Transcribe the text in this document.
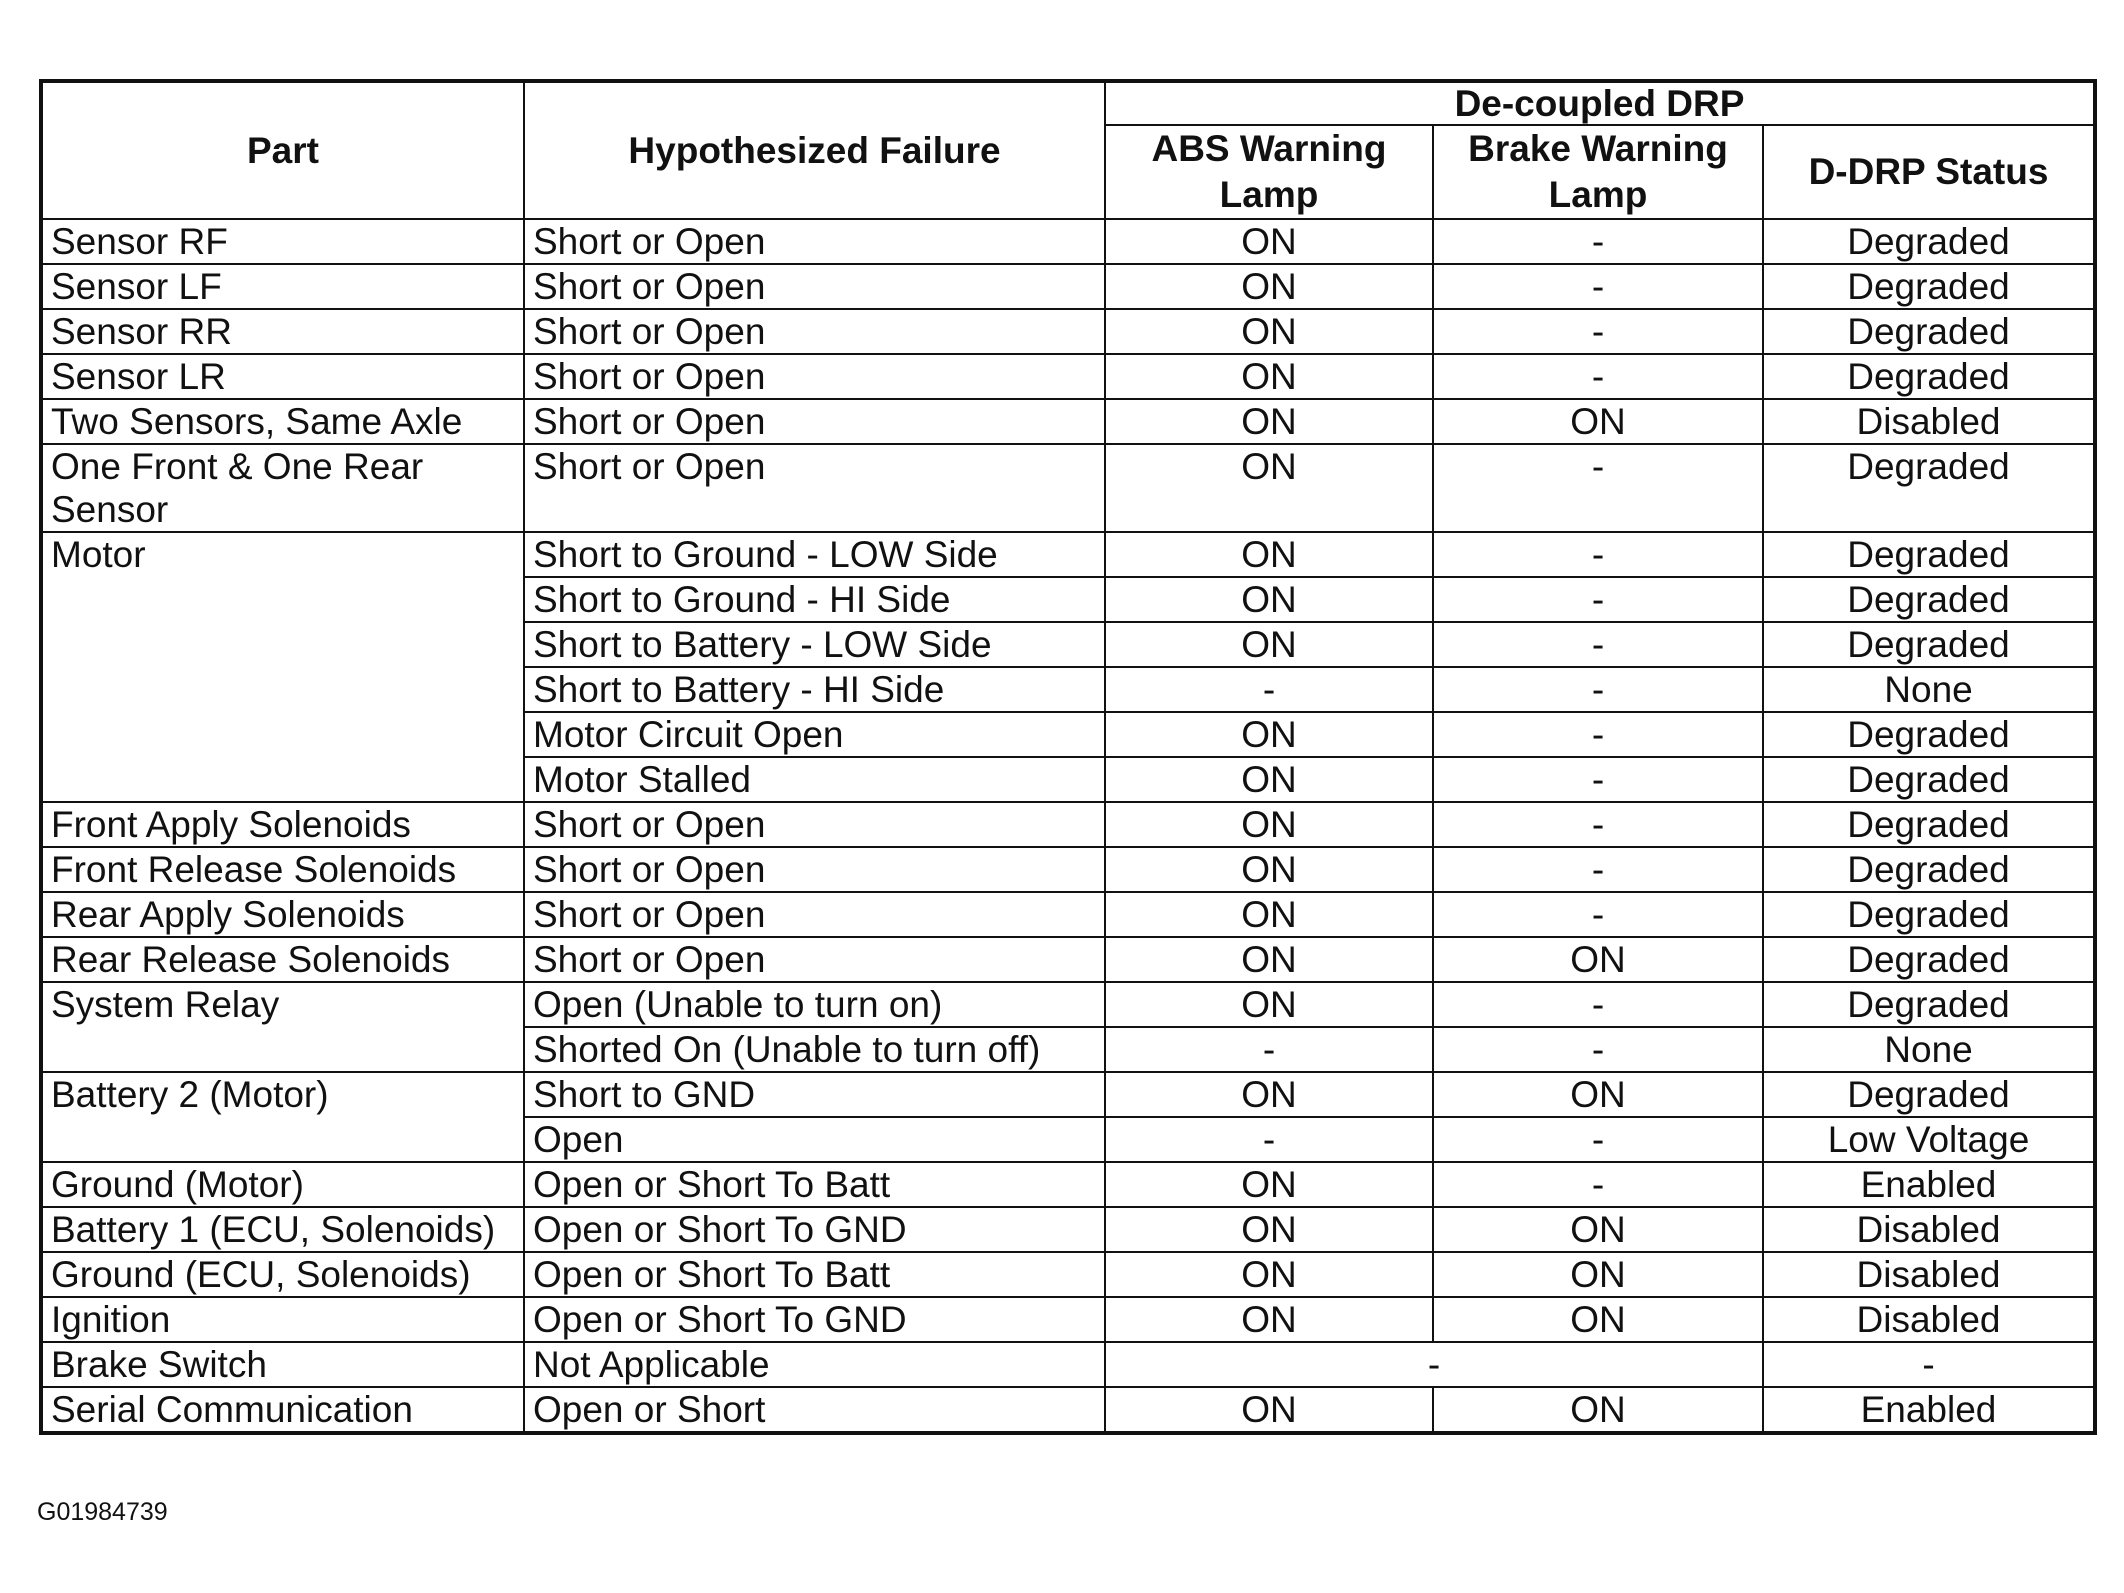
Part	Hypothesized Failure	De-coupled DRP		
		ABS Warning Lamp	Brake Warning Lamp	D-DRP Status
Sensor RF	Short or Open	ON	-	Degraded
Sensor LF	Short or Open	ON	-	Degraded
Sensor RR	Short or Open	ON	-	Degraded
Sensor LR	Short or Open	ON	-	Degraded
Two Sensors, Same Axle	Short or Open	ON	ON	Disabled
One Front & One Rear Sensor	Short or Open	ON	-	Degraded
Motor	Short to Ground - LOW Side	ON	-	Degraded
	Short to Ground - HI Side	ON	-	Degraded
	Short to Battery - LOW Side	ON	-	Degraded
	Short to Battery - HI Side	-	-	None
	Motor Circuit Open	ON	-	Degraded
	Motor Stalled	ON	-	Degraded
Front Apply Solenoids	Short or Open	ON	-	Degraded
Front Release Solenoids	Short or Open	ON	-	Degraded
Rear Apply Solenoids	Short or Open	ON	-	Degraded
Rear Release Solenoids	Short or Open	ON	ON	Degraded
System Relay	Open (Unable to turn on)	ON	-	Degraded
	Shorted On (Unable to turn off)	-	-	None
Battery 2 (Motor)	Short to GND	ON	ON	Degraded
	Open	-	-	Low Voltage
Ground (Motor)	Open or Short To Batt	ON	-	Enabled
Battery 1 (ECU, Solenoids)	Open or Short To GND	ON	ON	Disabled
Ground (ECU, Solenoids)	Open or Short To Batt	ON	ON	Disabled
Ignition	Open or Short To GND	ON	ON	Disabled
Brake Switch	Not Applicable	-		-
Serial Communication	Open or Short	ON	ON	Enabled
G01984739
